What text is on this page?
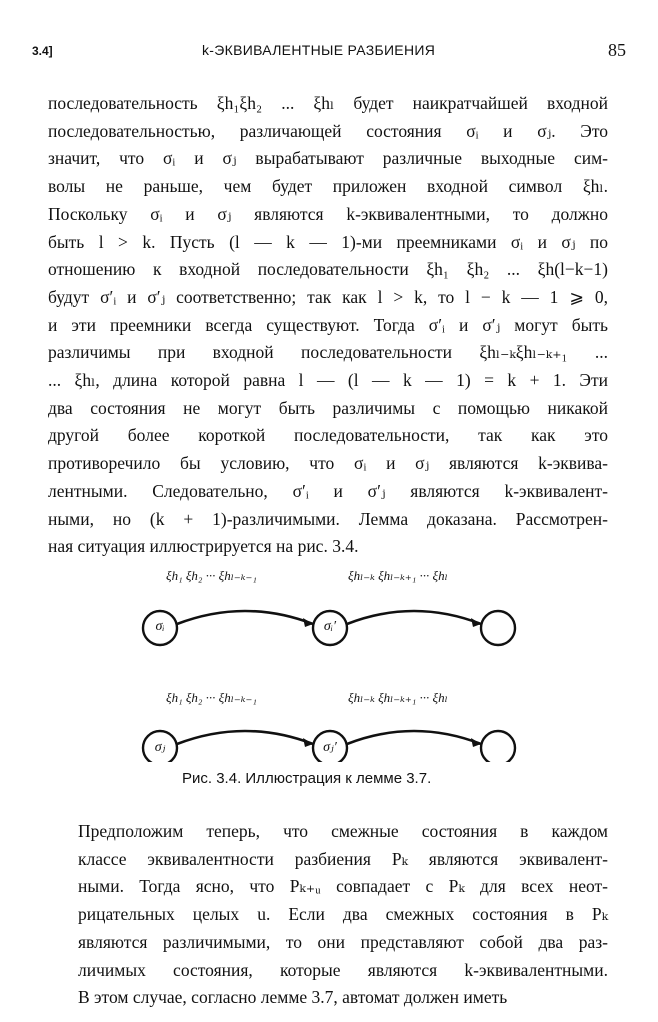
3.4]	k-ЭКВИВАЛЕНТНЫЕ РАЗБИЕНИЯ	85
последовательность ξh₁ξh₂ ... ξhₗ будет наикратчайшей входной
последовательностью, различающей состояния σᵢ и σⱼ. Это
значит, что σᵢ и σⱼ вырабатывают различные выходные сим-
волы не раньше, чем будет приложен входной символ ξhₗ.
Поскольку σᵢ и σⱼ являются k-эквивалентными, то должно
быть l > k. Пусть (l — k — 1)-ми преемниками σᵢ и σⱼ по
отношению к входной последовательности ξh₁ ξh₂ ... ξh(l−k−1)
будут σ′ᵢ и σ′ⱼ соответственно; так как l > k, то l − k — 1 ⩾ 0,
и эти преемники всегда существуют. Тогда σ′ᵢ и σ′ⱼ могут быть
различимы при входной последовательности ξhₗ₋ₖξhₗ₋ₖ₊₁ ...
... ξhₗ, длина которой равна l — (l — k — 1) = k + 1. Эти
два состояния не могут быть различимы с помощью никакой
другой более короткой последовательности, так как это
противоречило бы условию, что σᵢ и σⱼ являются k-эквива-
лентными. Следовательно, σ′ᵢ и σ′ⱼ являются k-эквивалент-
ными, но (k + 1)-различимыми. Лемма доказана. Рассмотрен-
ная ситуация иллюстрируется на рис. 3.4.
ξh₁ ξh₂ ··· ξhₗ₋ₖ₋₁	ξhₗ₋ₖ ξhₗ₋ₖ₊₁ ··· ξhₗ
σᵢ	σᵢ′
ξh₁ ξh₂ ··· ξhₗ₋ₖ₋₁	ξhₗ₋ₖ ξhₗ₋ₖ₊₁ ··· ξhₗ
σⱼ	σⱼ′
Рис. 3.4. Иллюстрация к лемме 3.7.
Предположим теперь, что смежные состояния в каждом
классе эквивалентности разбиения Pₖ являются эквивалент-
ными. Тогда ясно, что Pₖ₊ᵤ совпадает с Pₖ для всех неот-
рицательных целых u. Если два смежных состояния в Pₖ
являются различимыми, то они представляют собой два раз-
личимых состояния, которые являются k-эквивалентными.
В этом случае, согласно лемме 3.7, автомат должен иметь
